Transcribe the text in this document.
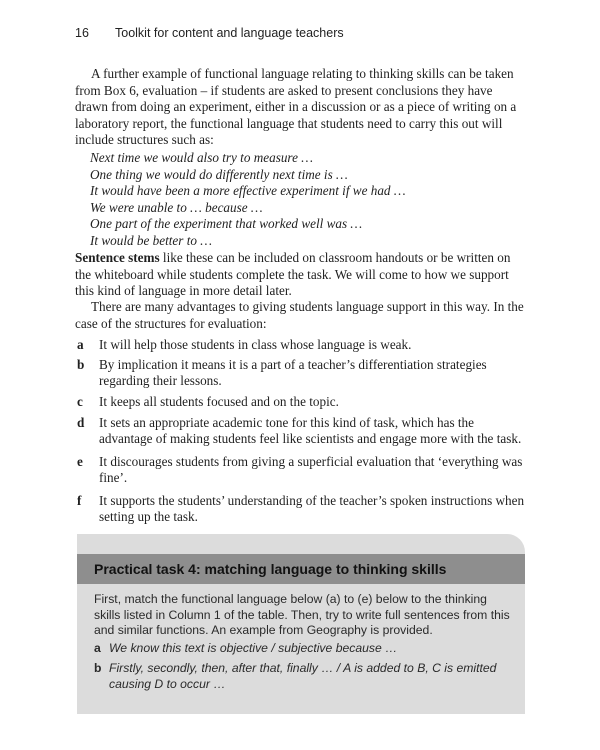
16 Toolkit for content and language teachers

A further example of functional language relating to thinking skills can be taken from Box 6, evaluation – if students are asked to present conclusions they have drawn from doing an experiment, either in a discussion or as a piece of writing on a laboratory report, the functional language that students need to carry this out will include structures such as:

Next time we would also try to measure …
One thing we would do differently next time is …
It would have been a more effective experiment if we had …
We were unable to … because …
One part of the experiment that worked well was …
It would be better to …

Sentence stems like these can be included on classroom handouts or be written on the whiteboard while students complete the task. We will come to how we support this kind of language in more detail later.

There are many advantages to giving students language support in this way. In the case of the structures for evaluation:

a	It will help those students in class whose language is weak.
b	By implication it means it is a part of a teacher’s differentiation strategies regarding their lessons.
c	It keeps all students focused and on the topic.
d	It sets an appropriate academic tone for this kind of task, which has the advantage of making students feel like scientists and engage more with the task.
e	It discourages students from giving a superficial evaluation that ‘everything was fine’.
f	It supports the students’ understanding of the teacher’s spoken instructions when setting up the task.
Practical task 4: matching language to thinking skills
First, match the functional language below (a) to (e) below to the thinking skills listed in Column 1 of the table. Then, try to write full sentences from this and similar functions. An example from Geography is provided.
a We know this text is objective / subjective because …
b Firstly, secondly, then, after that, finally … / A is added to B, C is emitted causing D to occur …
